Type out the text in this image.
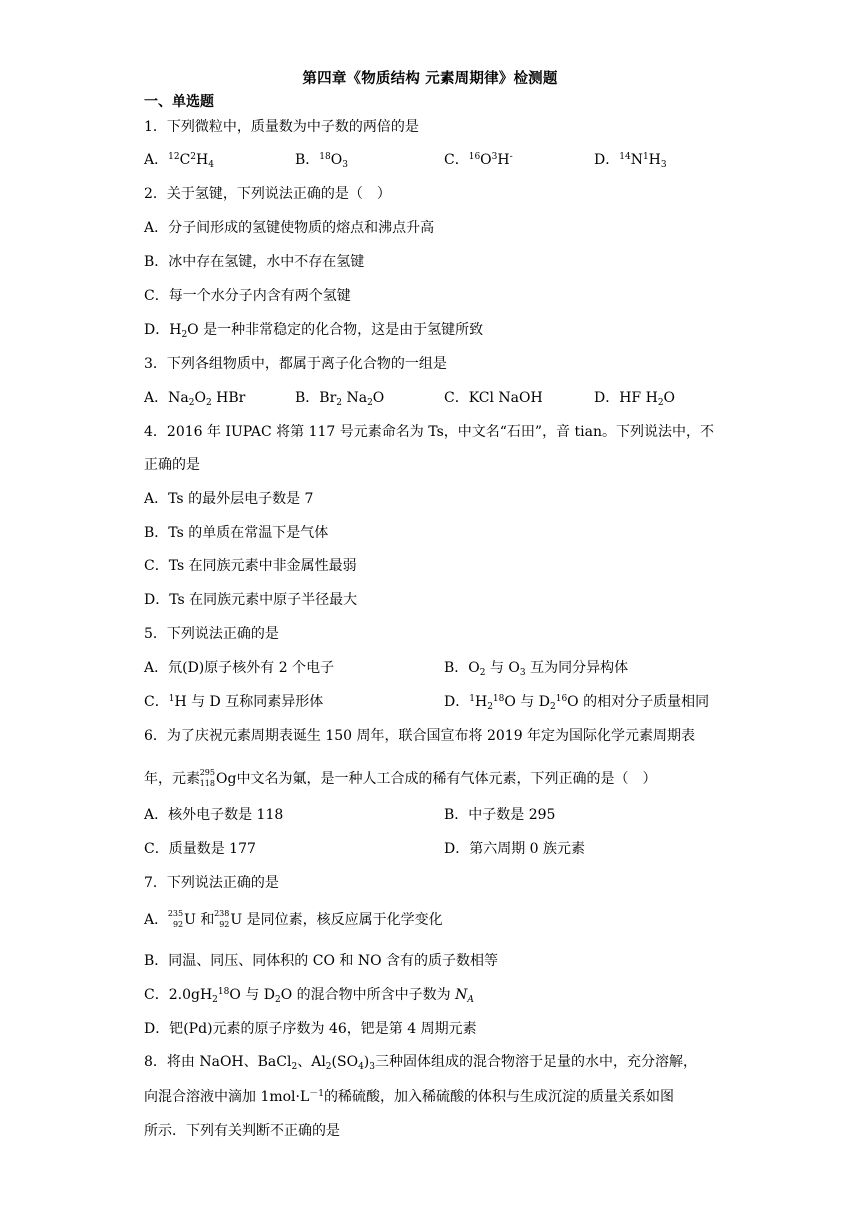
第四章《物质结构 元素周期律》检测题
一、单选题
1．下列微粒中，质量数为中子数的两倍的是
A．$^{12}C^2H_4$	B．$^{18}O_3$	C．$^{16}O^3H^-$	D．$^{14}N^1H_3$
2．关于氢键，下列说法正确的是（　）
A．分子间形成的氢键使物质的熔点和沸点升高
B．冰中存在氢键，水中不存在氢键
C．每一个水分子内含有两个氢键
D．$H_2O$ 是一种非常稳定的化合物，这是由于氢键所致
3．下列各组物质中，都属于离子化合物的一组是
A．$Na_2O_2$ HBr	B．$Br_2$ $Na_2O$	C．KCl NaOH	D．HF $H_2O$
4．2016 年 IUPAC 将第 117 号元素命名为 Ts，中文名“石田”，音 tian。下列说法中，不
正确的是
A．Ts 的最外层电子数是 7
B．Ts 的单质在常温下是气体
C．Ts 在同族元素中非金属性最弱
D．Ts 在同族元素中原子半径最大
5．下列说法正确的是
A．氘(D)原子核外有 2 个电子	B．$O_2$ 与 $O_3$ 互为同分异构体
C．$^1$H 与 D 互称同素异形体	D．$^1H_2^{18}O$ 与 $D_2^{16}O$ 的相对分子质量相同
6．为了庆祝元素周期表诞生 150 周年，联合国宣布将 2019 年定为国际化学元素周期表
年，元素 295
118 Og中文名为氭，是一种人工合成的稀有气体元素，下列正确的是（　）
A．核外电子数是 118	B．中子数是 295
C．质量数是 177	D．第六周期 0 族元素
7．下列说法正确的是
A． 235
92 U 和 238
92 U 是同位素，核反应属于化学变化
B．同温、同压、同体积的 CO 和 NO 含有的质子数相等
C．$2.0gH_2^{18}O$ 与 $D_2O$ 的混合物中所含中子数为 $N_A$
D．钯(Pd)元素的原子序数为 46，钯是第 4 周期元素
8．将由 NaOH、BaCl$_2$、$Al_2(SO_4)_3$三种固体组成的混合物溶于足量的水中，充分溶解，
向混合溶液中滴加 $1mol\cdot L^{-1}$的稀硫酸，加入稀硫酸的体积与生成沉淀的质量关系如图
所示．下列有关判断不正确的是
